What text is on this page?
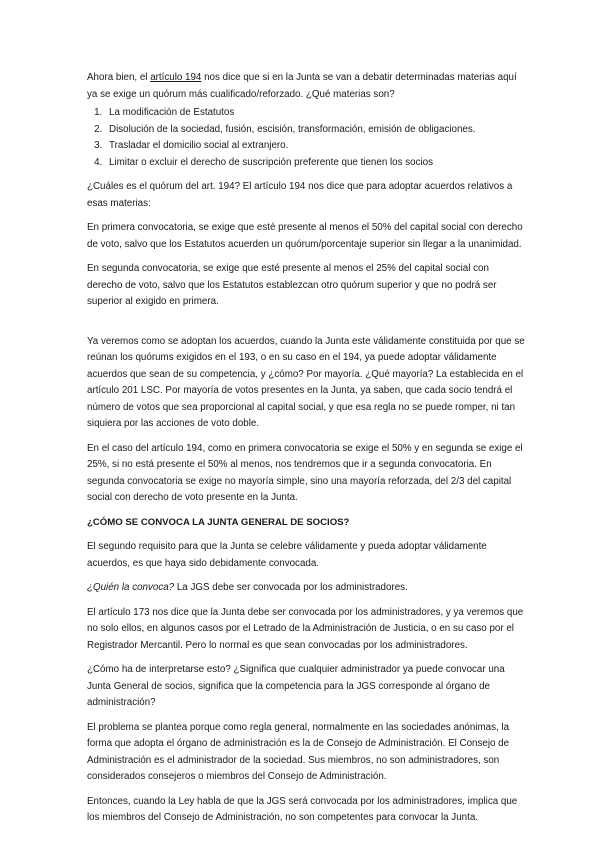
Ahora bien, el artículo 194 nos dice que si en la Junta se van a debatir determinadas materias aquí ya se exige un quórum más cualificado/reforzado. ¿Qué materias son?

1. La modificación de Estatutos
2. Disolución de la sociedad, fusión, escisión, transformación, emisión de obligaciones.
3. Trasladar el domicilio social al extranjero.
4. Limitar o excluir el derecho de suscripción preferente que tienen los socios

¿Cuáles es el quórum del art. 194? El artículo 194 nos dice que para adoptar acuerdos relativos a esas materias:

En primera convocatoria, se exige que esté presente al menos el 50% del capital social con derecho de voto, salvo que los Estatutos acuerden un quórum/porcentaje superior sin llegar a la unanimidad.

En segunda convocatoria, se exige que esté presente al menos el 25% del capital social con derecho de voto, salvo que los Estatutos establezcan otro quórum superior y que no podrá ser superior al exigido en primera.

Ya veremos como se adoptan los acuerdos, cuando la Junta este válidamente constituida por que se reúnan los quórums exigidos en el 193, o en su caso en el 194, ya puede adoptar válidamente acuerdos que sean de su competencia, y ¿cómo? Por mayoría. ¿Qué mayoría? La establecida en el artículo 201 LSC. Por mayoría de votos presentes en la Junta, ya saben, que cada socio tendrá el número de votos que sea proporcional al capital social, y que esa regla no se puede romper, ni tan siquiera por las acciones de voto doble.

En el caso del artículo 194, como en primera convocatoria se exige el 50% y en segunda se exige el 25%, si no está presente el 50% al menos, nos tendremos que ir a segunda convocatoria. En segunda convocatoria se exige no mayoría simple, sino una mayoría reforzada, del 2/3 del capital social con derecho de voto presente en la Junta.

¿CÓMO SE CONVOCA LA JUNTA GENERAL DE SOCIOS?

El segundo requisito para que la Junta se celebre válidamente y pueda adoptar válidamente acuerdos, es que haya sido debidamente convocada.

¿Quién la convoca? La JGS debe ser convocada por los administradores.

El artículo 173 nos dice que la Junta debe ser convocada por los administradores, y ya veremos que no solo ellos, en algunos casos por el Letrado de la Administración de Justicia, o en su caso por el Registrador Mercantil. Pero lo normal es que sean convocadas por los administradores.

¿Cómo ha de interpretarse esto? ¿Significa que cualquier administrador ya puede convocar una Junta General de socios, significa que la competencia para la JGS corresponde al órgano de administración?

El problema se plantea porque como regla general, normalmente en las sociedades anónimas, la forma que adopta el órgano de administración es la de Consejo de Administración. El Consejo de Administración es el administrador de la sociedad. Sus miembros, no son administradores, son considerados consejeros o miembros del Consejo de Administración.

Entonces, cuando la Ley habla de que la JGS será convocada por los administradores, implica que los miembros del Consejo de Administración, no son competentes para convocar la Junta.
